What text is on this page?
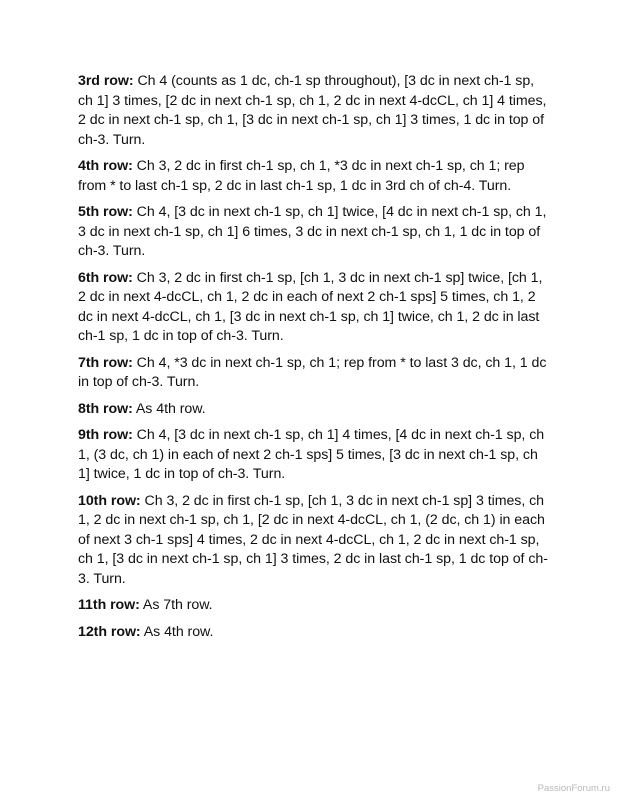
3rd row: Ch 4 (counts as 1 dc, ch-1 sp throughout), [3 dc in next ch-1 sp, ch 1] 3 times, [2 dc in next ch-1 sp, ch 1, 2 dc in next 4-dcCL, ch 1] 4 times, 2 dc in next ch-1 sp, ch 1, [3 dc in next ch-1 sp, ch 1] 3 times, 1 dc in top of ch-3. Turn.

4th row: Ch 3, 2 dc in first ch-1 sp, ch 1, *3 dc in next ch-1 sp, ch 1; rep from * to last ch-1 sp, 2 dc in last ch-1 sp, 1 dc in 3rd ch of ch-4. Turn.

5th row: Ch 4, [3 dc in next ch-1 sp, ch 1] twice, [4 dc in next ch-1 sp, ch 1, 3 dc in next ch-1 sp, ch 1] 6 times, 3 dc in next ch-1 sp, ch 1, 1 dc in top of ch-3. Turn.

6th row: Ch 3, 2 dc in first ch-1 sp, [ch 1, 3 dc in next ch-1 sp] twice, [ch 1, 2 dc in next 4-dcCL, ch 1, 2 dc in each of next 2 ch-1 sps] 5 times, ch 1, 2 dc in next 4-dcCL, ch 1, [3 dc in next ch-1 sp, ch 1] twice, ch 1, 2 dc in last ch-1 sp, 1 dc in top of ch-3. Turn.

7th row: Ch 4, *3 dc in next ch-1 sp, ch 1; rep from * to last 3 dc, ch 1, 1 dc in top of ch-3. Turn.

8th row: As 4th row.

9th row: Ch 4, [3 dc in next ch-1 sp, ch 1] 4 times, [4 dc in next ch-1 sp, ch 1, (3 dc, ch 1) in each of next 2 ch-1 sps] 5 times, [3 dc in next ch-1 sp, ch 1] twice, 1 dc in top of ch-3. Turn.

10th row: Ch 3, 2 dc in first ch-1 sp, [ch 1, 3 dc in next ch-1 sp] 3 times, ch 1, 2 dc in next ch-1 sp, ch 1, [2 dc in next 4-dcCL, ch 1, (2 dc, ch 1) in each of next 3 ch-1 sps] 4 times, 2 dc in next 4-dcCL, ch 1, 2 dc in next ch-1 sp, ch 1, [3 dc in next ch-1 sp, ch 1] 3 times, 2 dc in last ch-1 sp, 1 dc top of ch-3. Turn.

11th row: As 7th row.

12th row: As 4th row.

PassionForum.ru
